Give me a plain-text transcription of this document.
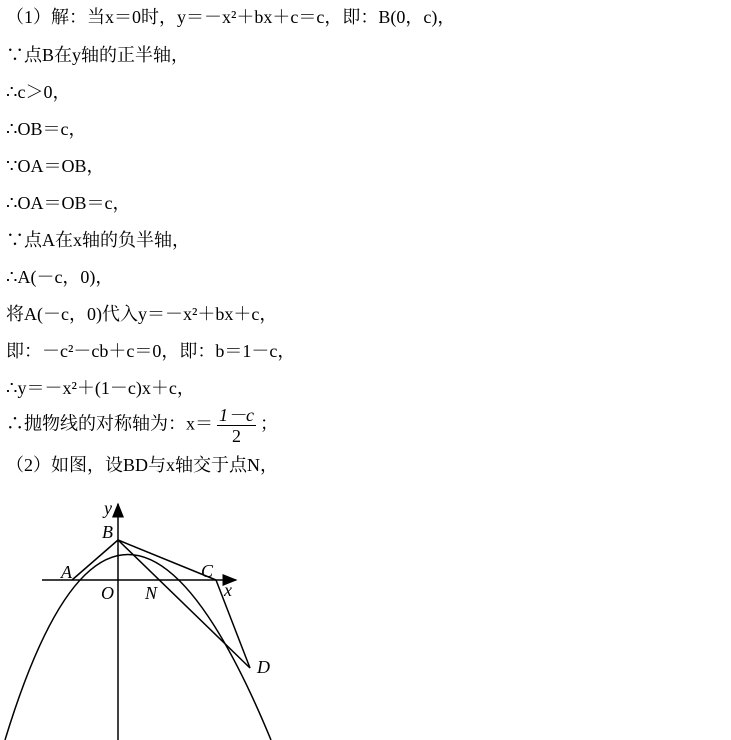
（1）解：当x＝0时，y＝－x²＋bx＋c＝c，即：B(0，c)，
∵点B在y轴的正半轴，
∴c＞0，
∴OB＝c，
∵OA＝OB，
∴OA＝OB＝c，
∵点A在x轴的负半轴，
∴A(－c，0)，
将A(－c，0)代入y＝－x²＋bx＋c，
即：－c²－cb＋c＝0，即：b＝1－c，
∴y＝－x²＋(1－c)x＋c，
∴抛物线的对称轴为：$x= \frac{1-c}{2}$ ；
（2）如图，设BD与x轴交于点N，
y
x
B
A	C
O N
D
